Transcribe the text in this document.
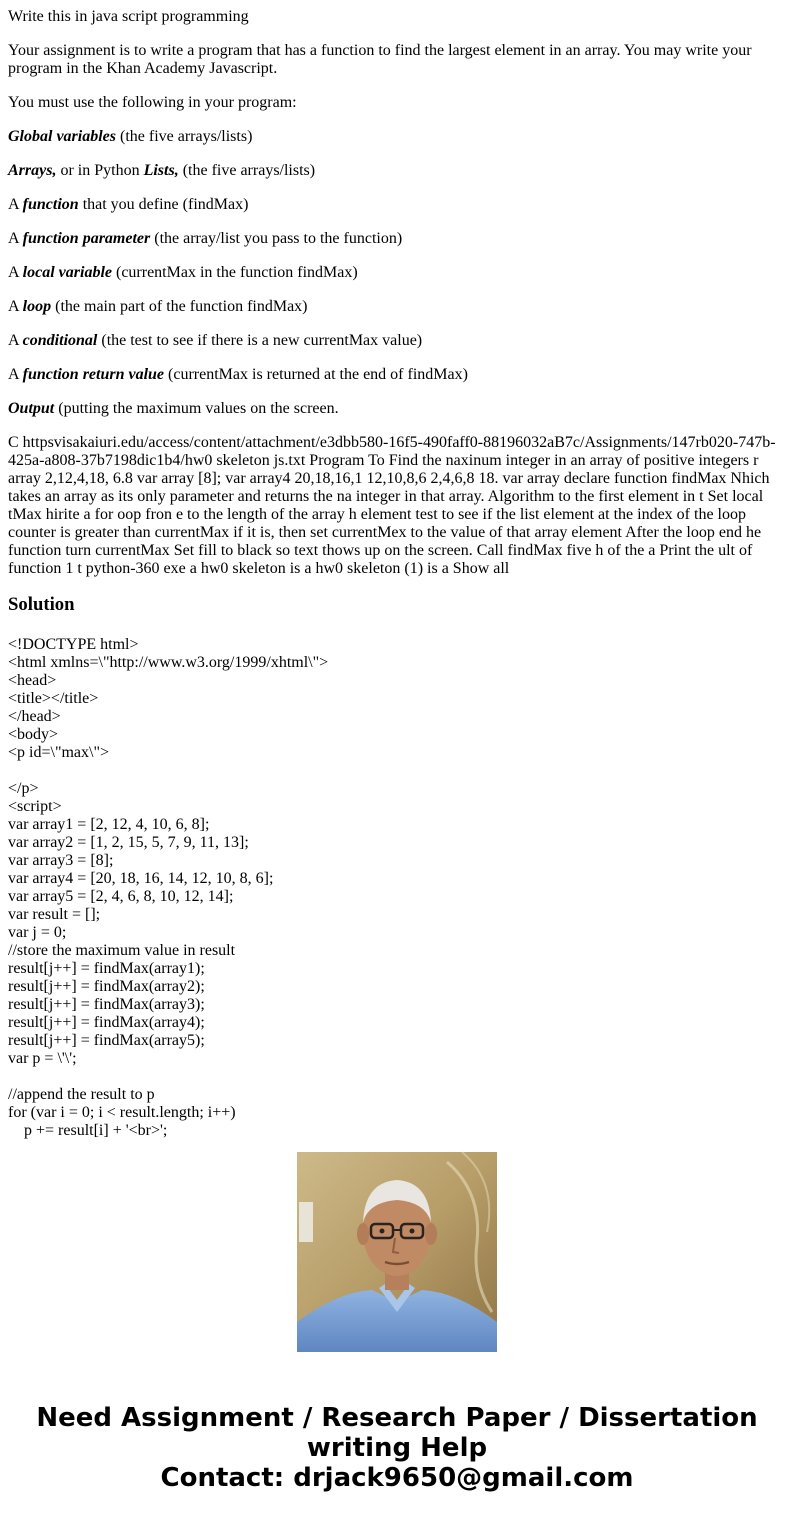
Write this in java script programming

Your assignment is to write a program that has a function to find the largest element in an array. You may write your program in the Khan Academy Javascript.

You must use the following in your program:

Global variables (the five arrays/lists)

Arrays, or in Python Lists, (the five arrays/lists)

A function that you define (findMax)

A function parameter (the array/list you pass to the function)

A local variable (currentMax in the function findMax)

A loop (the main part of the function findMax)

A conditional (the test to see if there is a new currentMax value)

A function return value (currentMax is returned at the end of findMax)

Output (putting the maximum values on the screen.

C httpsvisakaiuri.edu/access/content/attachment/e3dbb580-16f5-490faff0-88196032aB7c/Assignments/147rb020-747b-425a-a808-37b7198dic1b4/hw0 skeleton js.txt Program To Find the naxinum integer in an array of positive integers r array 2,12,4,18, 6.8 var array [8]; var array4 20,18,16,1 12,10,8,6 2,4,6,8 18. var array declare function findMax Nhich takes an array as its only parameter and returns the na integer in that array. Algorithm to the first element in t Set local tMax hirite a for oop fron e to the length of the array h element test to see if the list element at the index of the loop counter is greater than currentMax if it is, then set currentMex to the value of that array element After the loop end he function turn currentMax Set fill to black so text thows up on the screen. Call findMax five h of the a Print the ult of function 1 t python-360 exe a hw0 skeleton is a hw0 skeleton (1) is a Show all

Solution
<!DOCTYPE html>
<html xmlns=\"http://www.w3.org/1999/xhtml\">
<head>
<title></title>
</head>
<body>
<p id=\"max\">
</p>
<script>
var array1 = [2, 12, 4, 10, 6, 8];
var array2 = [1, 2, 15, 5, 7, 9, 11, 13];
var array3 = [8];
var array4 = [20, 18, 16, 14, 12, 10, 8, 6];
var array5 = [2, 4, 6, 8, 10, 12, 14];
var result = [];
var j = 0;
//store the maximum value in result
result[j++] = findMax(array1);
result[j++] = findMax(array2);
result[j++] = findMax(array3);
result[j++] = findMax(array4);
result[j++] = findMax(array5);
var p = \'\';
//append the result to p
for (var i = 0; i < result.length; i++)
p += result[i] + '<br>';
Need Assignment / Research Paper / Dissertation
writing Help
Contact: drjack9650@gmail.com
